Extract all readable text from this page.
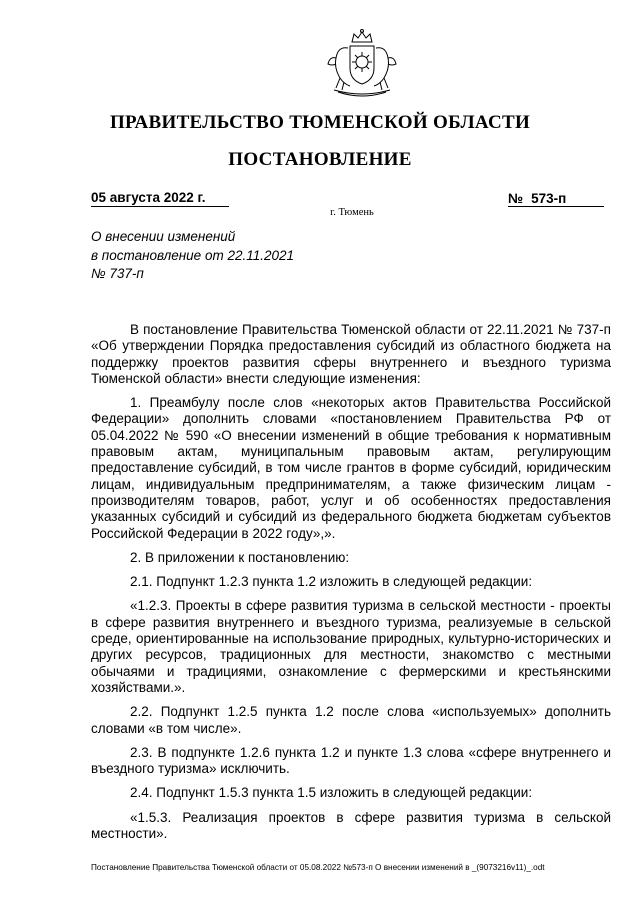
ПРАВИТЕЛЬСТВО ТЮМЕНСКОЙ ОБЛАСТИ
ПОСТАНОВЛЕНИЕ
05 августа 2022 г.	№ 573-п
г. Тюмень
О внесении изменений
в постановление от 22.11.2021
№ 737-п

В постановление Правительства Тюменской области от 22.11.2021 № 737-п «Об утверждении Порядка предоставления субсидий из областного бюджета на поддержку проектов развития сферы внутреннего и въездного туризма Тюменской области» внести следующие изменения:

1. Преамбулу после слов «некоторых актов Правительства Российской Федерации» дополнить словами «постановлением Правительства РФ от 05.04.2022 № 590 «О внесении изменений в общие требования к нормативным правовым актам, муниципальным правовым актам, регулирующим предоставление субсидий, в том числе грантов в форме субсидий, юридическим лицам, индивидуальным предпринимателям, а также физическим лицам - производителям товаров, работ, услуг и об особенностях предоставления указанных субсидий и субсидий из федерального бюджета бюджетам субъектов Российской Федерации в 2022 году»,».

2. В приложении к постановлению:

2.1. Подпункт 1.2.3 пункта 1.2 изложить в следующей редакции:

«1.2.3. Проекты в сфере развития туризма в сельской местности - проекты в сфере развития внутреннего и въездного туризма, реализуемые в сельской среде, ориентированные на использование природных, культурно-исторических и других ресурсов, традиционных для местности, знакомство с местными обычаями и традициями, ознакомление с фермерскими и крестьянскими хозяйствами.».

2.2. Подпункт 1.2.5 пункта 1.2 после слова «используемых» дополнить словами «в том числе».

2.3. В подпункте 1.2.6 пункта 1.2 и пункте 1.3 слова «сфере внутреннего и въездного туризма» исключить.

2.4. Подпункт 1.5.3 пункта 1.5 изложить в следующей редакции:

«1.5.3. Реализация проектов в сфере развития туризма в сельской местности».

Постановление Правительства Тюменской области от 05.08.2022 №573-п О внесении изменений в _(9073216v11)_.odt
